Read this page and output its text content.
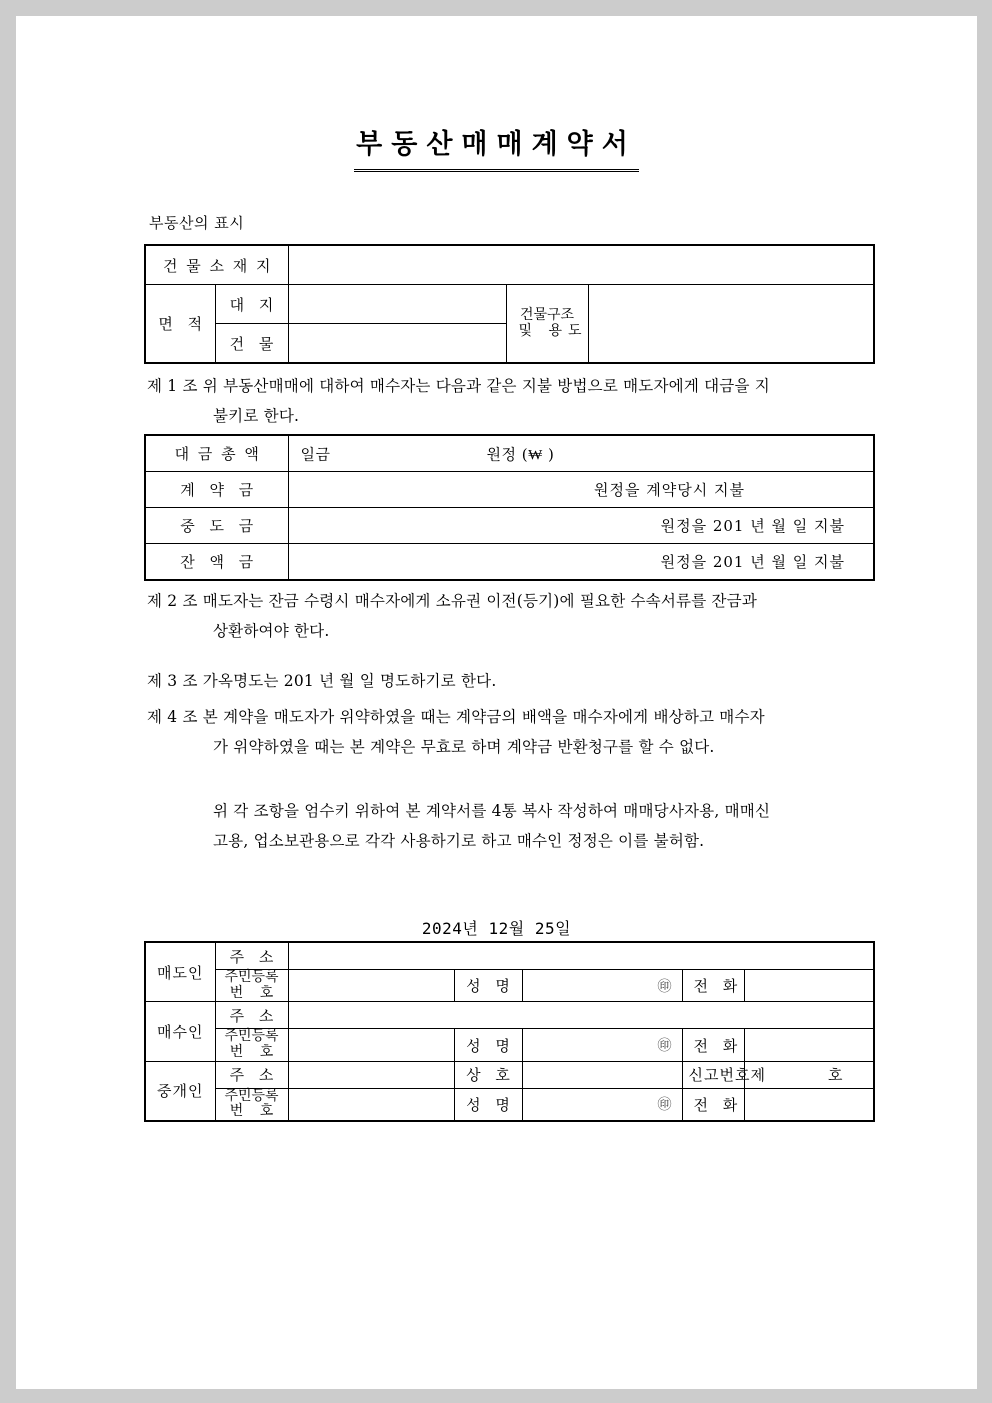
부동산매매계약서
부동산의 표시
건 물 소 재 지				
면 적	대 지		건물구조
및 용도	

	건 물			
제 1 조 위 부동산매매에 대하여 매수자는 다음과 같은 지불 방법으로 매도자에게 대금을 지
불키로 한다.
대 금 총 액	일금 원정 (₩ )

계 약 금	원정을 계약당시 지불
중 도 금	원정을 201 년 월 일 지불
잔 액 금	원정을 201 년 월 일 지불
제 2 조 매도자는 잔금 수령시 매수자에게 소유권 이전(등기)에 필요한 수속서류를 잔금과
상환하여야 한다.
제 3 조 가옥명도는 201 년 월 일 명도하기로 한다.
제 4 조 본 계약을 매도자가 위약하였을 때는 계약금의 배액을 매수자에게 배상하고 매수자
가 위약하였을 때는 본 계약은 무효로 하며 계약금 반환청구를 할 수 없다.
위 각 조항을 엄수키 위하여 본 계약서를 4통 복사 작성하여 매매당사자용, 매매신
고용, 업소보관용으로 각각 사용하기로 하고 매수인 정정은 이를 불허함.
2024년 12월 25일
매도인	주 소					

	주민등록
번 호		성 명	㊞	전 화	
매수인	주 소					

	주민등록
번 호		성 명	㊞	전 화	
중개인	주 소		상 호		신고번호	제 호

	주민등록
번 호		성 명	㊞	전 화	
